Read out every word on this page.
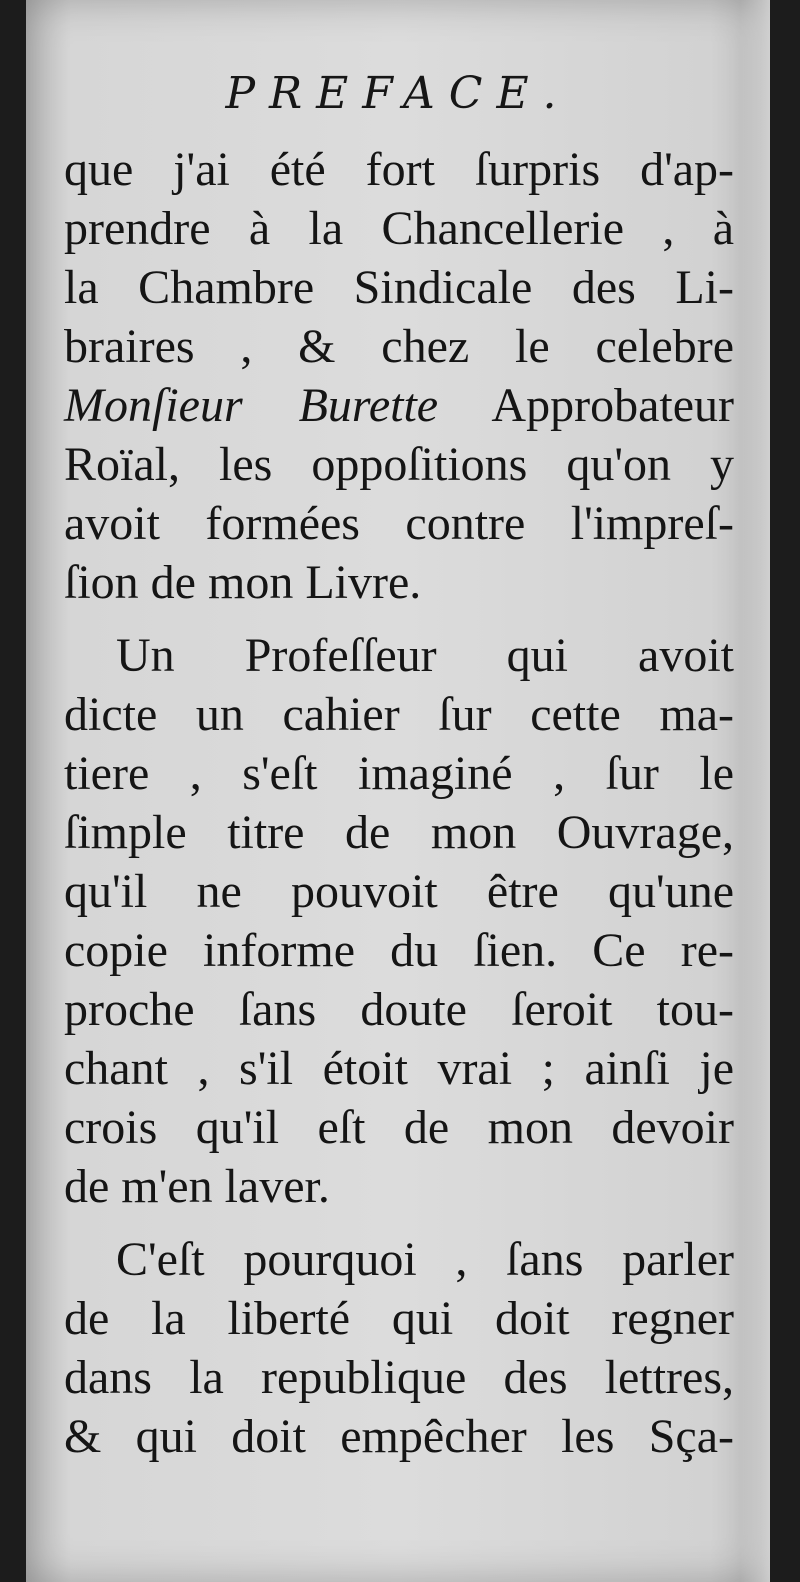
PREFACE.
que j'ai été fort ſurpris d'ap-
prendre à la Chancellerie , à
la Chambre Sindicale des Li-
braires , & chez le celebre
Monſieur Burette Approbateur
Roïal, les oppoſitions qu'on y
avoit formées contre l'impreſ-
ſion de mon Livre.
Un Profeſſeur qui avoit
dicte un cahier ſur cette ma-
tiere , s'eſt imaginé , ſur le
ſimple titre de mon Ouvrage,
qu'il ne pouvoit être qu'une
copie informe du ſien. Ce re-
proche ſans doute ſeroit tou-
chant , s'il étoit vrai ; ainſi je
crois qu'il eſt de mon devoir
de m'en laver.
C'eſt pourquoi , ſans parler
de la liberté qui doit regner
dans la republique des lettres,
& qui doit empêcher les Sça-
